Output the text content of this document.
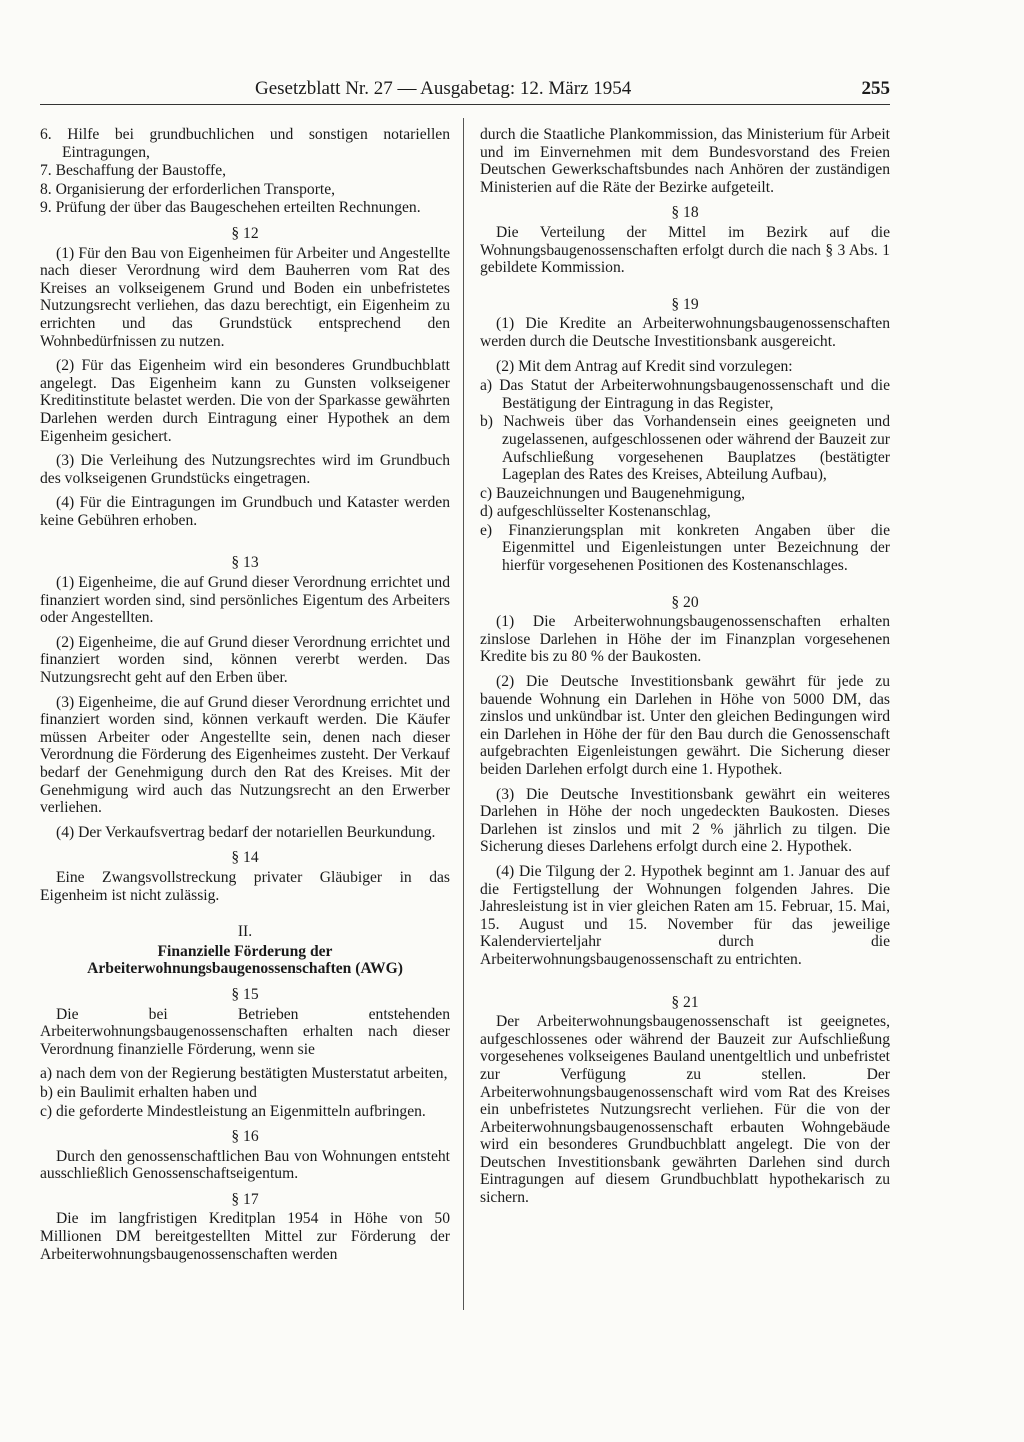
Gesetzblatt Nr. 27 — Ausgabetag: 12. März 1954	255

6. Hilfe bei grundbuchlichen und sonstigen notariellen Eintragungen,

7. Beschaffung der Baustoffe,

8. Organisierung der erforderlichen Transporte,

9. Prüfung der über das Baugeschehen erteilten Rechnungen.

§ 12

(1) Für den Bau von Eigenheimen für Arbeiter und Angestellte nach dieser Verordnung wird dem Bauherren vom Rat des Kreises an volkseigenem Grund und Boden ein unbefristetes Nutzungsrecht verliehen, das dazu berechtigt, ein Eigenheim zu errichten und das Grundstück entsprechend den Wohnbedürfnissen zu nutzen.

(2) Für das Eigenheim wird ein besonderes Grundbuchblatt angelegt. Das Eigenheim kann zu Gunsten volkseigener Kreditinstitute belastet werden. Die von der Sparkasse gewährten Darlehen werden durch Eintragung einer Hypothek an dem Eigenheim gesichert.

(3) Die Verleihung des Nutzungsrechtes wird im Grundbuch des volkseigenen Grundstücks eingetragen.

(4) Für die Eintragungen im Grundbuch und Kataster werden keine Gebühren erhoben.

§ 13

(1) Eigenheime, die auf Grund dieser Verordnung errichtet und finanziert worden sind, sind persönliches Eigentum des Arbeiters oder Angestellten.

(2) Eigenheime, die auf Grund dieser Verordnung errichtet und finanziert worden sind, können vererbt werden. Das Nutzungsrecht geht auf den Erben über.

(3) Eigenheime, die auf Grund dieser Verordnung errichtet und finanziert worden sind, können verkauft werden. Die Käufer müssen Arbeiter oder Angestellte sein, denen nach dieser Verordnung die Förderung des Eigenheimes zusteht. Der Verkauf bedarf der Genehmigung durch den Rat des Kreises. Mit der Genehmigung wird auch das Nutzungsrecht an den Erwerber verliehen.

(4) Der Verkaufsvertrag bedarf der notariellen Beurkundung.

§ 14

Eine Zwangsvollstreckung privater Gläubiger in das Eigenheim ist nicht zulässig.

II.

Finanzielle Förderung der Arbeiterwohnungsbaugenossenschaften (AWG)

§ 15

Die bei Betrieben entstehenden Arbeiterwohnungsbaugenossenschaften erhalten nach dieser Verordnung finanzielle Förderung, wenn sie

a) nach dem von der Regierung bestätigten Musterstatut arbeiten,

b) ein Baulimit erhalten haben und

c) die geforderte Mindestleistung an Eigenmitteln aufbringen.

§ 16

Durch den genossenschaftlichen Bau von Wohnungen entsteht ausschließlich Genossenschaftseigentum.

§ 17

Die im langfristigen Kreditplan 1954 in Höhe von 50 Millionen DM bereitgestellten Mittel zur Förderung der Arbeiterwohnungsbaugenossenschaften werden

durch die Staatliche Plankommission, das Ministerium für Arbeit und im Einvernehmen mit dem Bundesvorstand des Freien Deutschen Gewerkschaftsbundes nach Anhören der zuständigen Ministerien auf die Räte der Bezirke aufgeteilt.

§ 18

Die Verteilung der Mittel im Bezirk auf die Wohnungsbaugenossenschaften erfolgt durch die nach § 3 Abs. 1 gebildete Kommission.

§ 19

(1) Die Kredite an Arbeiterwohnungsbaugenossenschaften werden durch die Deutsche Investitionsbank ausgereicht.

(2) Mit dem Antrag auf Kredit sind vorzulegen:

a) Das Statut der Arbeiterwohnungsbaugenossenschaft und die Bestätigung der Eintragung in das Register,

b) Nachweis über das Vorhandensein eines geeigneten und zugelassenen, aufgeschlossenen oder während der Bauzeit zur Aufschließung vorgesehenen Bauplatzes (bestätigter Lageplan des Rates des Kreises, Abteilung Aufbau),

c) Bauzeichnungen und Baugenehmigung,

d) aufgeschlüsselter Kostenanschlag,

e) Finanzierungsplan mit konkreten Angaben über die Eigenmittel und Eigenleistungen unter Bezeichnung der hierfür vorgesehenen Positionen des Kostenanschlages.

§ 20

(1) Die Arbeiterwohnungsbaugenossenschaften erhalten zinslose Darlehen in Höhe der im Finanzplan vorgesehenen Kredite bis zu 80 % der Baukosten.

(2) Die Deutsche Investitionsbank gewährt für jede zu bauende Wohnung ein Darlehen in Höhe von 5000 DM, das zinslos und unkündbar ist. Unter den gleichen Bedingungen wird ein Darlehen in Höhe der für den Bau durch die Genossenschaft aufgebrachten Eigenleistungen gewährt. Die Sicherung dieser beiden Darlehen erfolgt durch eine 1. Hypothek.

(3) Die Deutsche Investitionsbank gewährt ein weiteres Darlehen in Höhe der noch ungedeckten Baukosten. Dieses Darlehen ist zinslos und mit 2 % jährlich zu tilgen. Die Sicherung dieses Darlehens erfolgt durch eine 2. Hypothek.

(4) Die Tilgung der 2. Hypothek beginnt am 1. Januar des auf die Fertigstellung der Wohnungen folgenden Jahres. Die Jahresleistung ist in vier gleichen Raten am 15. Februar, 15. Mai, 15. August und 15. November für das jeweilige Kalendervierteljahr durch die Arbeiterwohnungsbaugenossenschaft zu entrichten.

§ 21

Der Arbeiterwohnungsbaugenossenschaft ist geeignetes, aufgeschlossenes oder während der Bauzeit zur Aufschließung vorgesehenes volkseigenes Bauland unentgeltlich und unbefristet zur Verfügung zu stellen. Der Arbeiterwohnungsbaugenossenschaft wird vom Rat des Kreises ein unbefristetes Nutzungsrecht verliehen. Für die von der Arbeiterwohnungsbaugenossenschaft erbauten Wohngebäude wird ein besonderes Grundbuchblatt angelegt. Die von der Deutschen Investitionsbank gewährten Darlehen sind durch Eintragungen auf diesem Grundbuchblatt hypothekarisch zu sichern.
